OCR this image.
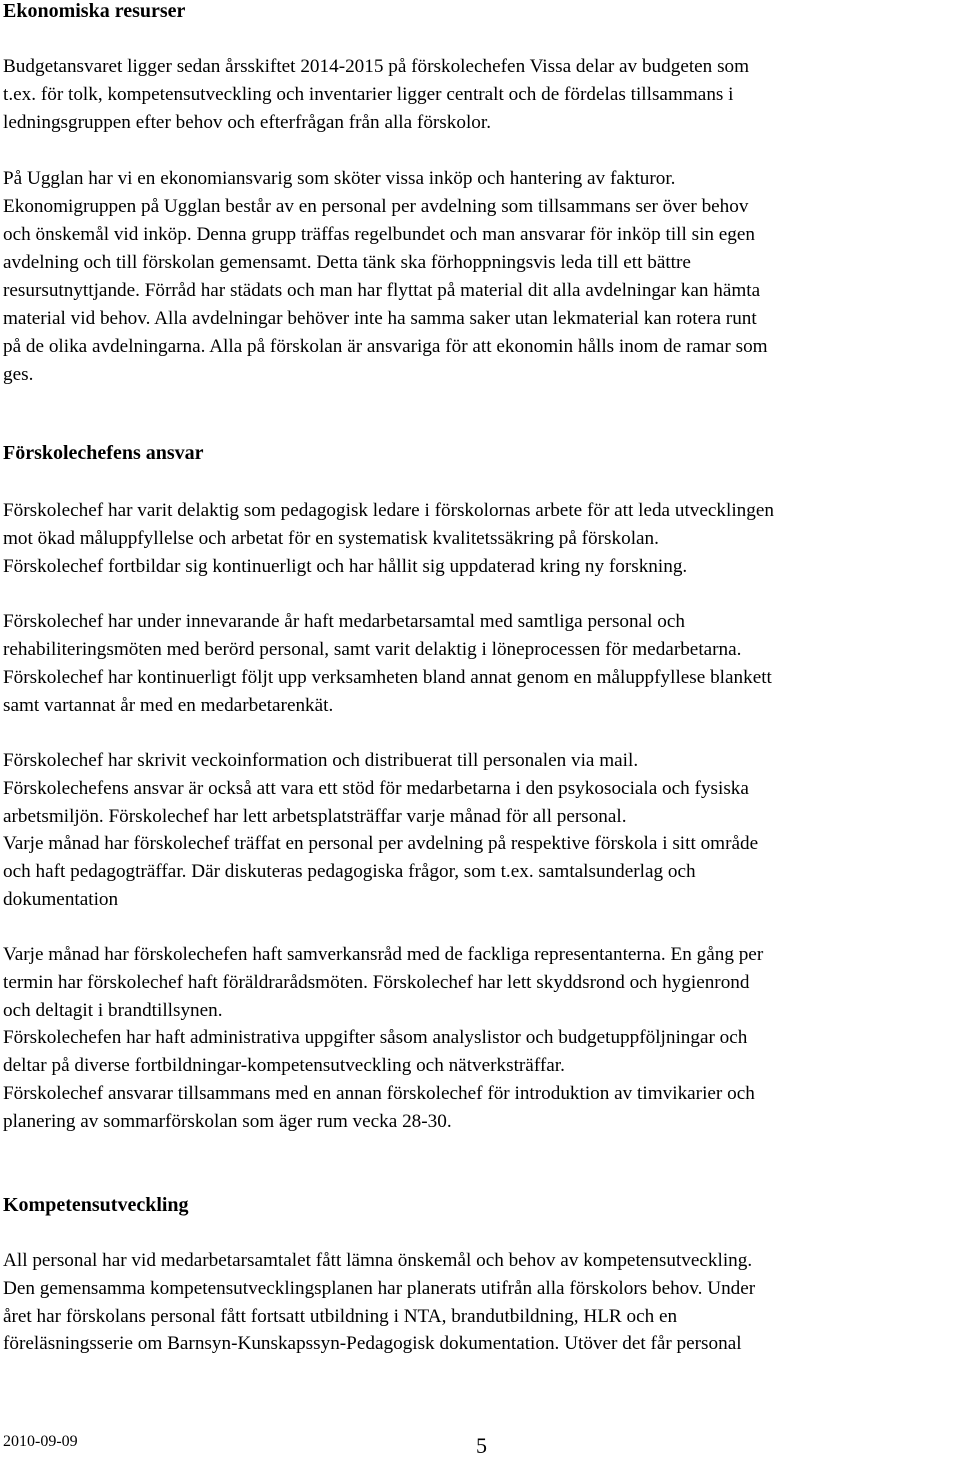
Ekonomiska resurser
Budgetansvaret ligger sedan årsskiftet 2014-2015 på förskolechefen Vissa delar av budgeten som
t.ex. för tolk, kompetensutveckling och inventarier ligger centralt och de fördelas tillsammans i
ledningsgruppen efter behov och efterfrågan från alla förskolor.
På Ugglan har vi en ekonomiansvarig som sköter vissa inköp och hantering av fakturor.
Ekonomigruppen på Ugglan består av en personal per avdelning som tillsammans ser över behov
och önskemål vid inköp. Denna grupp träffas regelbundet och man ansvarar för inköp till sin egen
avdelning och till förskolan gemensamt. Detta tänk ska förhoppningsvis leda till ett bättre
resursutnyttjande. Förråd har städats och man har flyttat på material dit alla avdelningar kan hämta
material vid behov. Alla avdelningar behöver inte ha samma saker utan lekmaterial kan rotera runt
på de olika avdelningarna. Alla på förskolan är ansvariga för att ekonomin hålls inom de ramar som
ges.
Förskolechefens ansvar
Förskolechef har varit delaktig som pedagogisk ledare i förskolornas arbete för att leda utvecklingen
mot ökad måluppfyllelse och arbetat för en systematisk kvalitetssäkring på förskolan.
Förskolechef fortbildar sig kontinuerligt och har hållit sig uppdaterad kring ny forskning.
Förskolechef har under innevarande år haft medarbetarsamtal med samtliga personal och
rehabiliteringsmöten med berörd personal, samt varit delaktig i löneprocessen för medarbetarna.
Förskolechef har kontinuerligt följt upp verksamheten bland annat genom en måluppfyllese blankett
samt vartannat år med en medarbetarenkät.
Förskolechef har skrivit veckoinformation och distribuerat till personalen via mail.
Förskolechefens ansvar är också att vara ett stöd för medarbetarna i den psykosociala och fysiska
arbetsmiljön. Förskolechef har lett arbetsplatsträffar varje månad för all personal.
Varje månad har förskolechef träffat en personal per avdelning på respektive förskola i sitt område
och haft pedagogträffar. Där diskuteras pedagogiska frågor, som t.ex. samtalsunderlag och
dokumentation
Varje månad har förskolechefen haft samverkansråd med de fackliga representanterna. En gång per
termin har förskolechef haft föräldrarådsmöten. Förskolechef har lett skyddsrond och hygienrond
och deltagit i brandtillsynen.
Förskolechefen har haft administrativa uppgifter såsom analyslistor och budgetuppföljningar och
deltar på diverse fortbildningar-kompetensutveckling och nätverksträffar.
Förskolechef ansvarar tillsammans med en annan förskolechef för introduktion av timvikarier och
planering av sommarförskolan som äger rum vecka 28-30.
Kompetensutveckling
All personal har vid medarbetarsamtalet fått lämna önskemål och behov av kompetensutveckling.
Den gemensamma kompetensutvecklingsplanen har planerats utifrån alla förskolors behov. Under
året har förskolans personal fått fortsatt utbildning i NTA, brandutbildning, HLR och en
föreläsningsserie om Barnsyn-Kunskapssyn-Pedagogisk dokumentation. Utöver det får personal
2010-09-09	5
